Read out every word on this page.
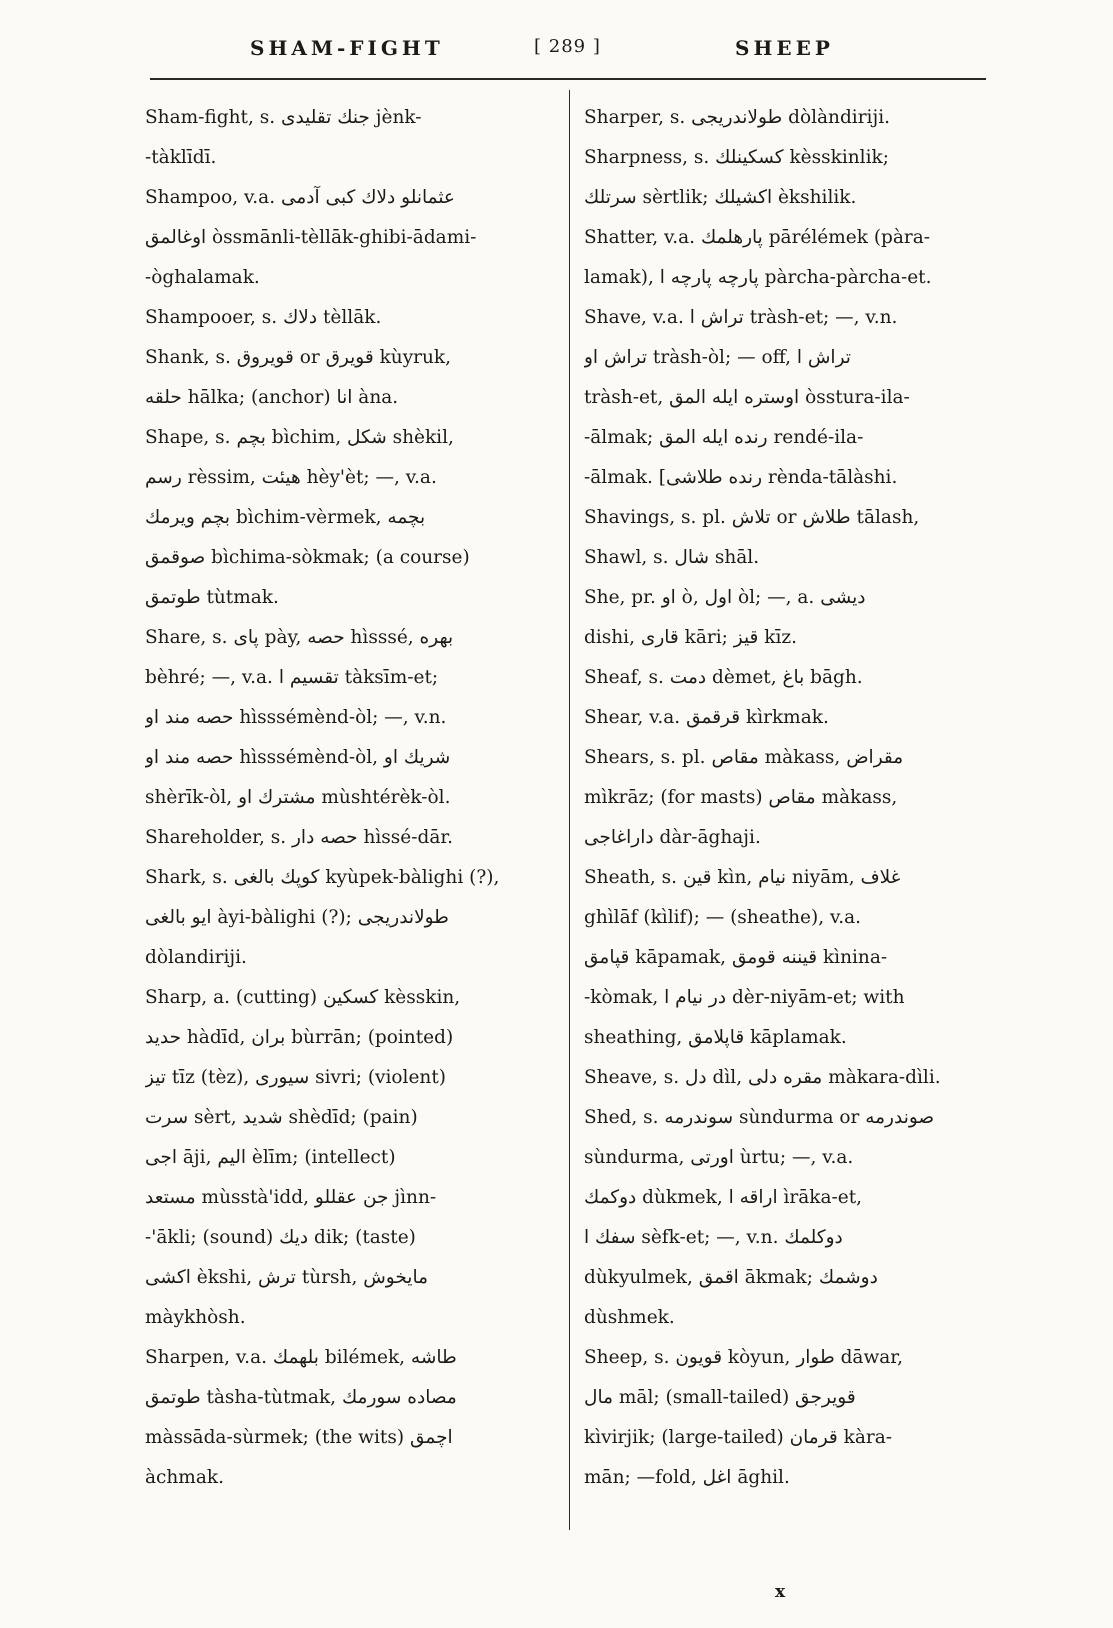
SHAM-FIGHT	[ 289 ]	SHEEP
Sham-fight, s. جنك تقليدى jènk-
-tàklīdī.
Shampoo, v.a. عثمانلو دلاك كبى آدمى
اوغالمق òssmānli-tèllāk-ghibi-ādami-
-òghalamak.
Shampooer, s. دلاك tèllāk.
Shank, s. قويروق or قويرق kùyruk,
حلقه hālka; (anchor) انا àna.
Shape, s. بچم bìchim, شكل shèkil,
رسم rèssim, هيئت hèy'èt; —, v.a.
بچم ويرمك bìchim-vèrmek, بچمه
صوقمق bìchima-sòkmak; (a course)
طوتمق tùtmak.
Share, s. پاى pày, حصه hìsssé, بهره
bèhré; —, v.a. تقسيم ا tàksīm-et;
حصه مند او hìsssémènd-òl; —, v.n.
حصه مند او hìsssémènd-òl, شريك او
shèrīk-òl, مشترك او mùshtérèk-òl.
Shareholder, s. حصه دار hìssé-dār.
Shark, s. كوپك بالغى kyùpek-bàlighi (?),
ايو بالغى àyi-bàlighi (?); طولاندريجى
dòlandiriji.
Sharp, a. (cutting) كسكين kèsskin,
حديد hàdīd, بران bùrrān; (pointed)
تيز tīz (tèz), سيورى sivri; (violent)
سرت sèrt, شديد shèdīd; (pain)
اجى āji, اليم èlīm; (intellect)
مستعد mùsstà'idd, جن عقللو jìnn-
-'ākli; (sound) ديك dik; (taste)
اكشى èkshi, ترش tùrsh, مايخوش
màykhòsh.
Sharpen, v.a. بلهمك bilémek, طاشه
طوتمق tàsha-tùtmak, مصاده سورمك
màssāda-sùrmek; (the wits) اچمق
àchmak.
Sharper, s. طولاندريجى dòlàndiriji.
Sharpness, s. كسكينلك kèsskinlik;
سرتلك sèrtlik; اكشيلك èkshilik.
Shatter, v.a. پارهلمك pārélémek (pàra-
lamak), پارچه پارچه ا pàrcha-pàrcha-et.
Shave, v.a. تراش ا tràsh-et; —, v.n.
تراش او tràsh-òl; — off, تراش ا
tràsh-et, اوستره ايله المق òsstura-ila-
-ālmak; رنده ايله المق rendé-ila-
-ālmak. [رنده طلاشى rènda-tālàshi.
Shavings, s. pl. تلاش or طلاش tālash,
Shawl, s. شال shāl.
She, pr. او ò, اول òl; —, a. ديشى
dishi, قارى kāri; قيز kīz.
Sheaf, s. دمت dèmet, باغ bāgh.
Shear, v.a. قرقمق kìrkmak.
Shears, s. pl. مقاص màkass, مقراض
mìkrāz; (for masts) مقاص màkass,
داراغاجى dàr-āghaji.
Sheath, s. قين kìn, نيام niyām, غلاف
ghìlāf (kìlif); — (sheathe), v.a.
قپامق kāpamak, قيننه قومق kìnina-
-kòmak, در نيام ا dèr-niyām-et; with
sheathing, قاپلامق kāplamak.
Sheave, s. دل dìl, مقره دلى màkara-dìli.
Shed, s. سوندرمه sùndurma or صوندرمه
sùndurma, اورتى ùrtu; —, v.a.
دوكمك dùkmek, اراقه ا ìrāka-et,
سفك ا sèfk-et; —, v.n. دوكلمك
dùkyulmek, اقمق ākmak; دوشمك
dùshmek.
Sheep, s. قويون kòyun, طوار dāwar,
مال māl; (small-tailed) قويرجق
kìvirjik; (large-tailed) قرمان kàra-
mān; —fold, اغل āghil.
x
